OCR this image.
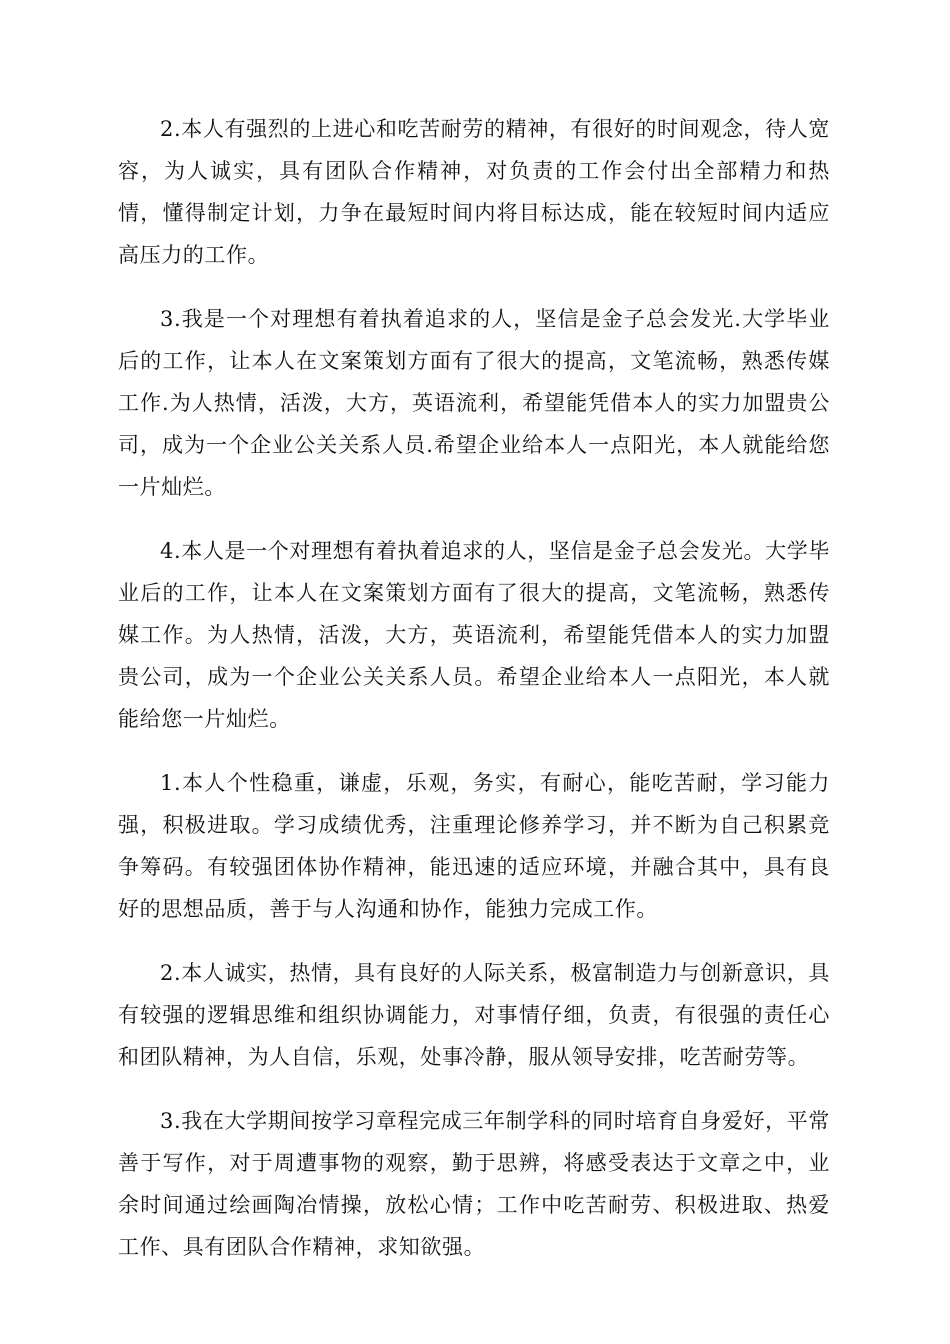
2.本人有强烈的上进心和吃苦耐劳的精神，有很好的时间观念，待人宽容，为人诚实，具有团队合作精神，对负责的工作会付出全部精力和热情，懂得制定计划，力争在最短时间内将目标达成，能在较短时间内适应高压力的工作。

3.我是一个对理想有着执着追求的人，坚信是金子总会发光.大学毕业后的工作，让本人在文案策划方面有了很大的提高，文笔流畅，熟悉传媒工作.为人热情，活泼，大方，英语流利，希望能凭借本人的实力加盟贵公司，成为一个企业公关关系人员.希望企业给本人一点阳光，本人就能给您一片灿烂。

4.本人是一个对理想有着执着追求的人，坚信是金子总会发光。大学毕业后的工作，让本人在文案策划方面有了很大的提高，文笔流畅，熟悉传媒工作。为人热情，活泼，大方，英语流利，希望能凭借本人的实力加盟贵公司，成为一个企业公关关系人员。希望企业给本人一点阳光，本人就能给您一片灿烂。

1.本人个性稳重，谦虚，乐观，务实，有耐心，能吃苦耐，学习能力强，积极进取。学习成绩优秀，注重理论修养学习，并不断为自己积累竞争筹码。有较强团体协作精神，能迅速的适应环境，并融合其中，具有良好的思想品质，善于与人沟通和协作，能独力完成工作。

2.本人诚实，热情，具有良好的人际关系，极富制造力与创新意识，具有较强的逻辑思维和组织协调能力，对事情仔细，负责，有很强的责任心和团队精神，为人自信，乐观，处事冷静，服从领导安排，吃苦耐劳等。

3.我在大学期间按学习章程完成三年制学科的同时培育自身爱好，平常善于写作，对于周遭事物的观察，勤于思辨，将感受表达于文章之中，业余时间通过绘画陶冶情操，放松心情；工作中吃苦耐劳、积极进取、热爱工作、具有团队合作精神，求知欲强。
